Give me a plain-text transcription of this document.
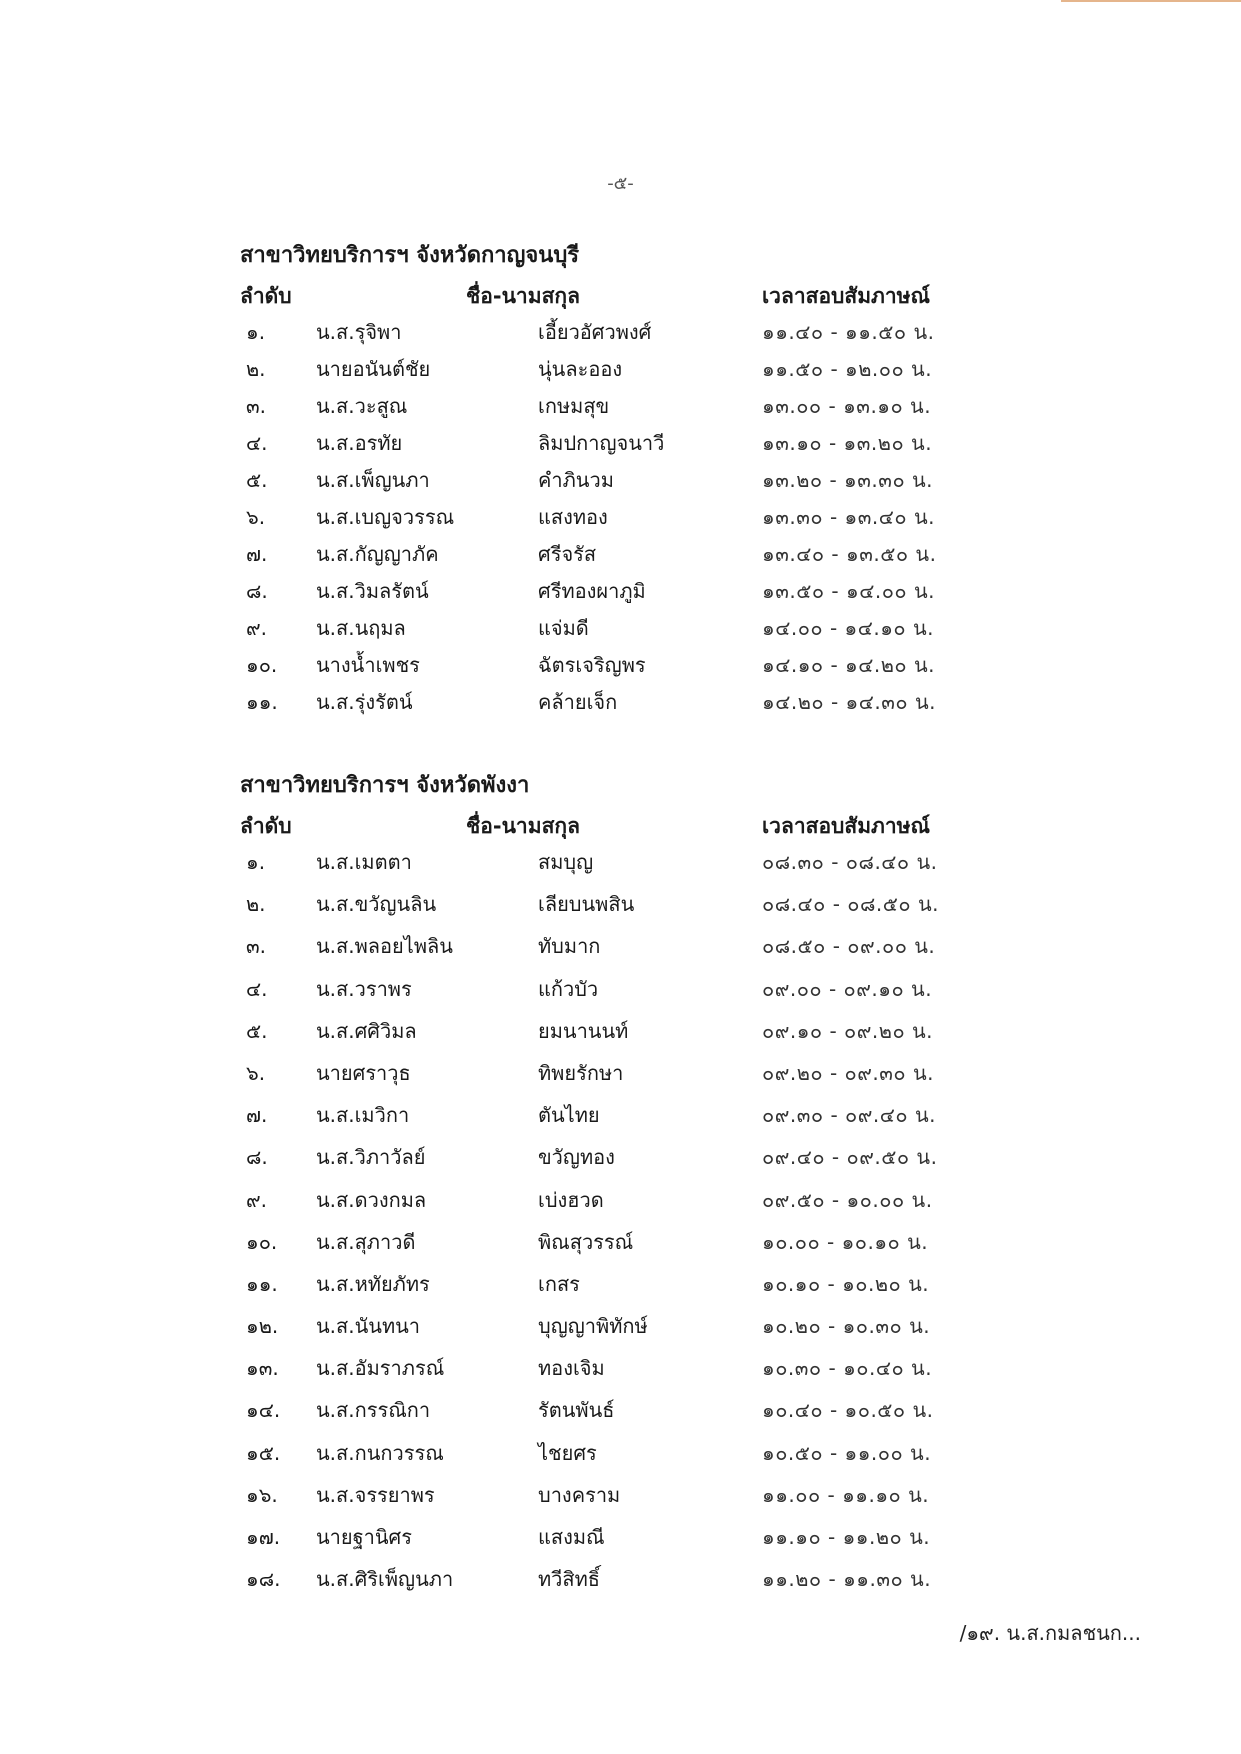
-๕-
สาขาวิทยบริการฯ จังหวัดกาญจนบุรี
ลำดับ	ชื่อ-นามสกุล	เวลาสอบสัมภาษณ์
๑.	น.ส.รุจิพา	เอี้ยวอัศวพงศ์	๑๑.๔๐ - ๑๑.๕๐ น.
๒.	นายอนันต์ชัย	นุ่นละออง	๑๑.๕๐ - ๑๒.๐๐ น.
๓.	น.ส.วะสูณ	เกษมสุข	๑๓.๐๐ - ๑๓.๑๐ น.
๔.	น.ส.อรทัย	ลิมปกาญจนาวี	๑๓.๑๐ - ๑๓.๒๐ น.
๕.	น.ส.เพ็ญนภา	คำภินวม	๑๓.๒๐ - ๑๓.๓๐ น.
๖.	น.ส.เบญจวรรณ	แสงทอง	๑๓.๓๐ - ๑๓.๔๐ น.
๗.	น.ส.กัญญาภัค	ศรีจรัส	๑๓.๔๐ - ๑๓.๕๐ น.
๘.	น.ส.วิมลรัตน์	ศรีทองผาภูมิ	๑๓.๕๐ - ๑๔.๐๐ น.
๙.	น.ส.นฤมล	แจ่มดี	๑๔.๐๐ - ๑๔.๑๐ น.
๑๐.	นางน้ำเพชร	ฉัตรเจริญพร	๑๔.๑๐ - ๑๔.๒๐ น.
๑๑.	น.ส.รุ่งรัตน์	คล้ายเจ็ก	๑๔.๒๐ - ๑๔.๓๐ น.
สาขาวิทยบริการฯ จังหวัดพังงา
ลำดับ	ชื่อ-นามสกุล	เวลาสอบสัมภาษณ์
๑.	น.ส.เมตตา	สมบุญ	๐๘.๓๐ - ๐๘.๔๐ น.
๒.	น.ส.ขวัญนลิน	เลียบนพสิน	๐๘.๔๐ - ๐๘.๕๐ น.
๓.	น.ส.พลอยไพลิน	ทับมาก	๐๘.๕๐ - ๐๙.๐๐ น.
๔.	น.ส.วราพร	แก้วบัว	๐๙.๐๐ - ๐๙.๑๐ น.
๕.	น.ส.ศศิวิมล	ยมนานนท์	๐๙.๑๐ - ๐๙.๒๐ น.
๖.	นายศราวุธ	ทิพยรักษา	๐๙.๒๐ - ๐๙.๓๐ น.
๗.	น.ส.เมวิกา	ตันไทย	๐๙.๓๐ - ๐๙.๔๐ น.
๘.	น.ส.วิภาวัลย์	ขวัญทอง	๐๙.๔๐ - ๐๙.๕๐ น.
๙.	น.ส.ดวงกมล	เบ่งฮวด	๐๙.๕๐ - ๑๐.๐๐ น.
๑๐.	น.ส.สุภาวดี	พิณสุวรรณ์	๑๐.๐๐ - ๑๐.๑๐ น.
๑๑.	น.ส.หทัยภัทร	เกสร	๑๐.๑๐ - ๑๐.๒๐ น.
๑๒.	น.ส.นันทนา	บุญญาพิทักษ์	๑๐.๒๐ - ๑๐.๓๐ น.
๑๓.	น.ส.อัมราภรณ์	ทองเจิม	๑๐.๓๐ - ๑๐.๔๐ น.
๑๔.	น.ส.กรรณิกา	รัตนพันธ์	๑๐.๔๐ - ๑๐.๕๐ น.
๑๕.	น.ส.กนกวรรณ	ไชยศร	๑๐.๕๐ - ๑๑.๐๐ น.
๑๖.	น.ส.จรรยาพร	บางคราม	๑๑.๐๐ - ๑๑.๑๐ น.
๑๗.	นายฐานิศร	แสงมณี	๑๑.๑๐ - ๑๑.๒๐ น.
๑๘.	น.ส.ศิริเพ็ญนภา	ทวีสิทธิ์	๑๑.๒๐ - ๑๑.๓๐ น.
/๑๙. น.ส.กมลชนก...
